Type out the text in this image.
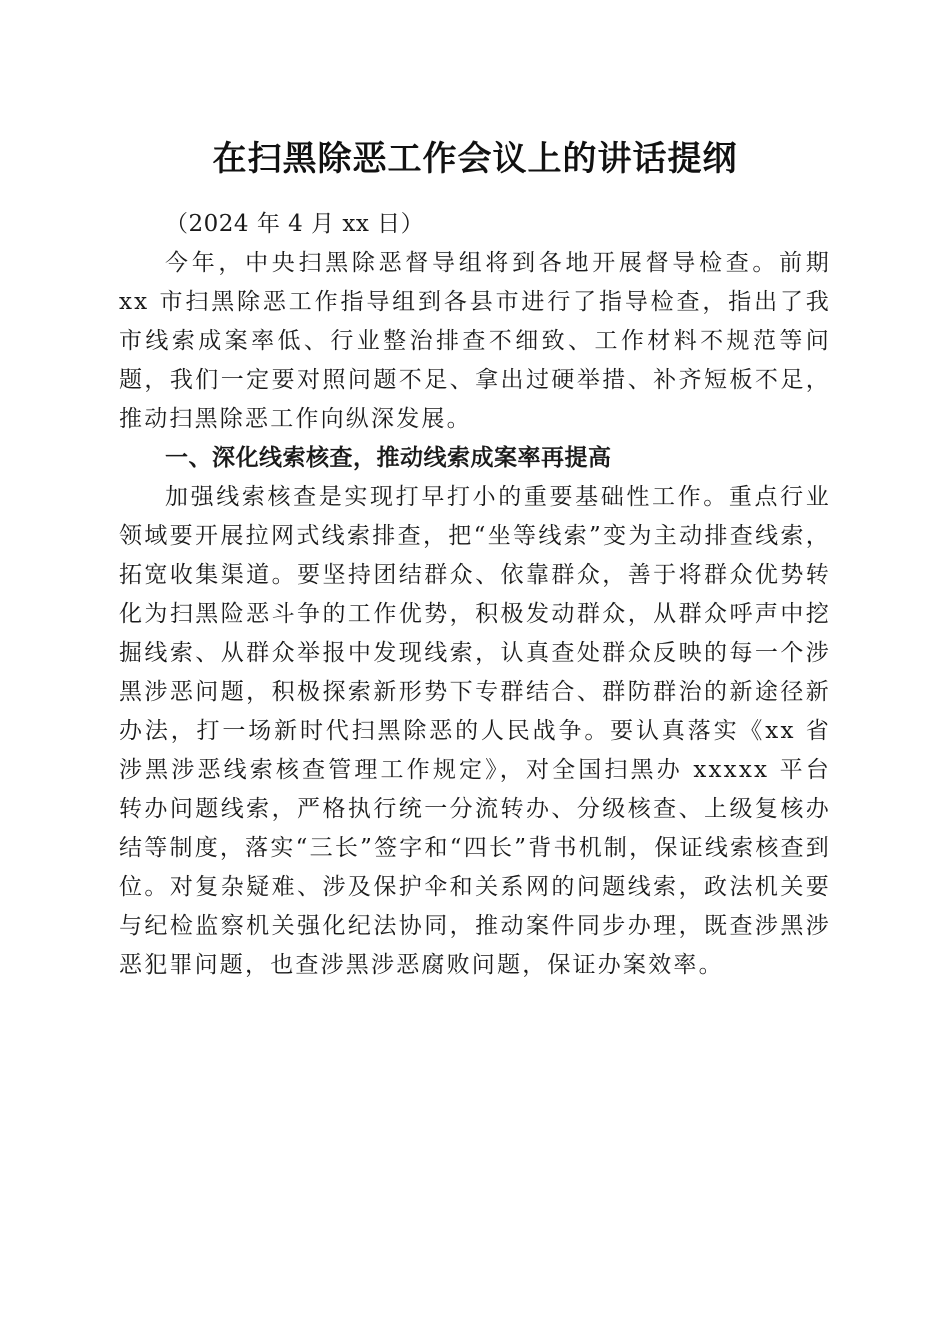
在扫黑除恶工作会议上的讲话提纲

（2024 年 4 月 xx 日）

今年，中央扫黑除恶督导组将到各地开展督导检查。前期 xx 市扫黑除恶工作指导组到各县市进行了指导检查，指出了我市线索成案率低、行业整治排查不细致、工作材料不规范等问题，我们一定要对照问题不足、拿出过硬举措、补齐短板不足，推动扫黑除恶工作向纵深发展。

一、深化线索核查，推动线索成案率再提高

加强线索核查是实现打早打小的重要基础性工作。重点行业领域要开展拉网式线索排查，把“坐等线索”变为主动排查线索，拓宽收集渠道。要坚持团结群众、依靠群众，善于将群众优势转化为扫黑险恶斗争的工作优势，积极发动群众，从群众呼声中挖掘线索、从群众举报中发现线索，认真查处群众反映的每一个涉黑涉恶问题，积极探索新形势下专群结合、群防群治的新途径新办法，打一场新时代扫黑除恶的人民战争。要认真落实《xx 省涉黑涉恶线索核查管理工作规定》，对全国扫黑办 xxxxx 平台转办问题线索，严格执行统一分流转办、分级核查、上级复核办结等制度，落实“三长”签字和“四长”背书机制，保证线索核查到位。对复杂疑难、涉及保护伞和关系网的问题线索，政法机关要与纪检监察机关强化纪法协同，推动案件同步办理，既查涉黑涉恶犯罪问题，也查涉黑涉恶腐败问题，保证办案效率。
